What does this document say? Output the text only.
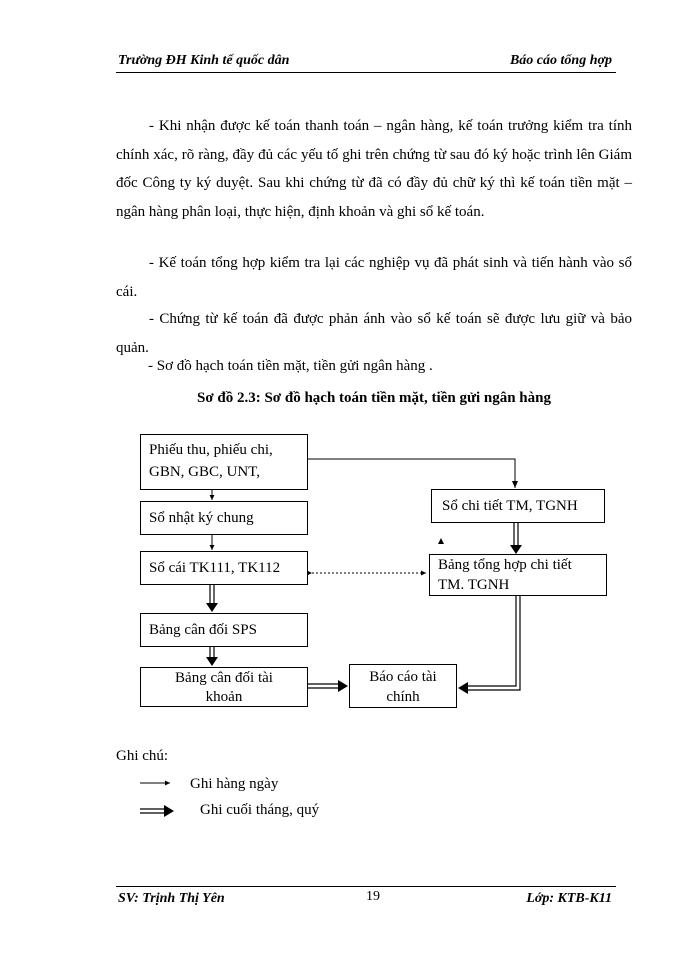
Trường ĐH Kinh tế quốc dân	Báo cáo tổng hợp

- Khi nhận được kế toán thanh toán – ngân hàng, kế toán trưởng kiểm tra tính chính xác, rõ ràng, đầy đủ các yếu tố ghi trên chứng từ sau đó ký hoặc trình lên Giám đốc Công ty ký duyệt. Sau khi chứng từ đã có đầy đủ chữ ký thì kế toán tiền mặt – ngân hàng phân loại, thực hiện, định khoản và ghi sổ kế toán.

- Kế toán tổng hợp kiểm tra lại các nghiệp vụ đã phát sinh và tiến hành vào sổ cái.

- Chứng từ kế toán đã được phản ánh vào sổ kế toán sẽ được lưu giữ và bảo quản.

- Sơ đồ hạch toán tiền mặt, tiền gửi ngân hàng .
Sơ đồ 2.3: Sơ đồ hạch toán tiền mặt, tiền gửi ngân hàng
Phiếu thu, phiếu chi,
GBN, GBC, UNT,
Sổ nhật ký chung
Sổ cái TK111, TK112
Bảng cân đối SPS
Bảng cân đối tài
khoản
Sổ chi tiết TM, TGNH
Bảng tổng hợp chi tiết
TM. TGNH
Báo cáo tài
chính
Ghi chú:
Ghi hàng ngày
Ghi cuối tháng, quý
SV: Trịnh Thị Yên	19	Lớp: KTB-K11
